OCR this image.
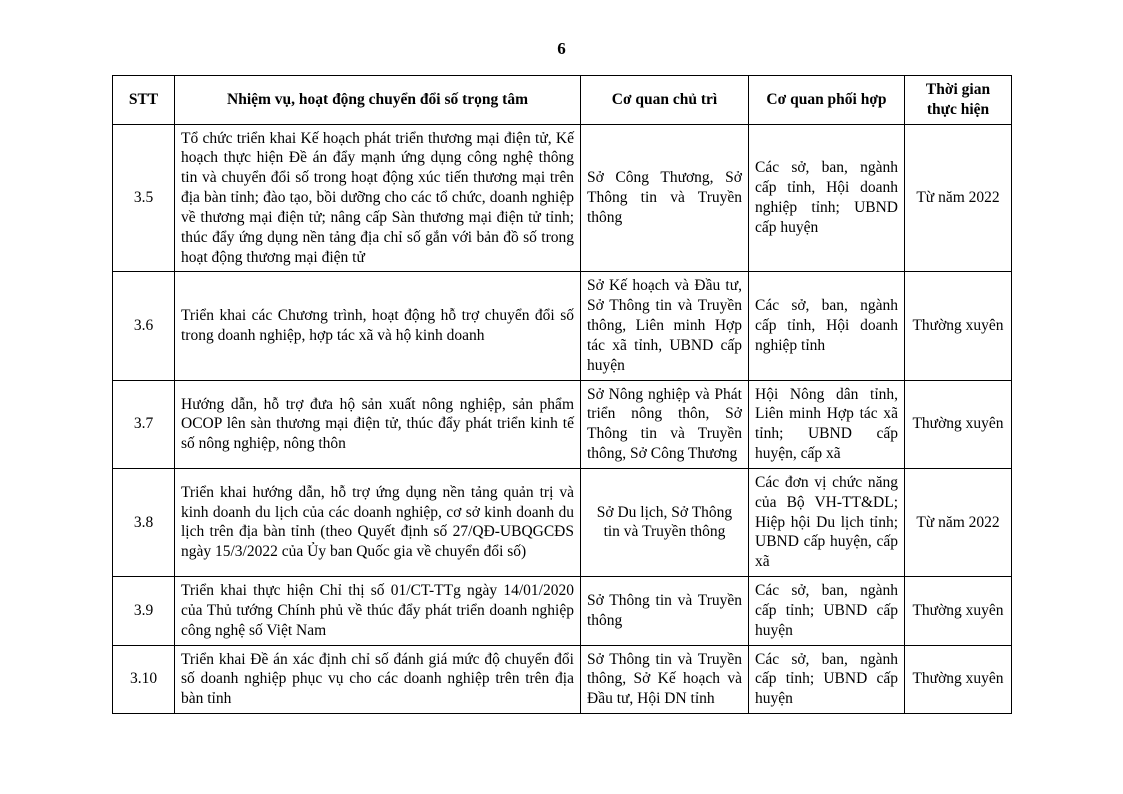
6
STT	Nhiệm vụ, hoạt động chuyển đổi số trọng tâm	Cơ quan chủ trì	Cơ quan phối hợp	Thời gian thực hiện
3.5	Tổ chức triển khai Kế hoạch phát triển thương mại điện tử, Kế hoạch thực hiện Đề án đẩy mạnh ứng dụng công nghệ thông tin và chuyển đổi số trong hoạt động xúc tiến thương mại trên địa bàn tỉnh; đào tạo, bồi dưỡng cho các tổ chức, doanh nghiệp về thương mại điện tử; nâng cấp Sàn thương mại điện tử tỉnh; thúc đẩy ứng dụng nền tảng địa chỉ số gắn với bản đồ số trong hoạt động thương mại điện tử	Sở Công Thương, Sở Thông tin và Truyền thông	Các sở, ban, ngành cấp tỉnh, Hội doanh nghiệp tỉnh; UBND cấp huyện	Từ năm 2022
3.6	Triển khai các Chương trình, hoạt động hỗ trợ chuyển đổi số trong doanh nghiệp, hợp tác xã và hộ kinh doanh	Sở Kế hoạch và Đầu tư, Sở Thông tin và Truyền thông, Liên minh Hợp tác xã tỉnh, UBND cấp huyện	Các sở, ban, ngành cấp tỉnh, Hội doanh nghiệp tỉnh	Thường xuyên
3.7	Hướng dẫn, hỗ trợ đưa hộ sản xuất nông nghiệp, sản phẩm OCOP lên sàn thương mại điện tử, thúc đẩy phát triển kinh tế số nông nghiệp, nông thôn	Sở Nông nghiệp và Phát triển nông thôn, Sở Thông tin và Truyền thông, Sở Công Thương	Hội Nông dân tỉnh, Liên minh Hợp tác xã tỉnh; UBND cấp huyện, cấp xã	Thường xuyên
3.8	Triển khai hướng dẫn, hỗ trợ ứng dụng nền tảng quản trị và kinh doanh du lịch của các doanh nghiệp, cơ sở kinh doanh du lịch trên địa bàn tỉnh (theo Quyết định số 27/QĐ-UBQGCĐS ngày 15/3/2022 của Ủy ban Quốc gia về chuyển đổi số)	Sở Du lịch, Sở Thông tin và Truyền thông	Các đơn vị chức năng của Bộ VH-TT&DL; Hiệp hội Du lịch tỉnh; UBND cấp huyện, cấp xã	Từ năm 2022
3.9	Triển khai thực hiện Chỉ thị số 01/CT-TTg ngày 14/01/2020 của Thủ tướng Chính phủ về thúc đẩy phát triển doanh nghiệp công nghệ số Việt Nam	Sở Thông tin và Truyền thông	Các sở, ban, ngành cấp tỉnh; UBND cấp huyện	Thường xuyên
3.10	Triển khai Đề án xác định chỉ số đánh giá mức độ chuyển đổi số doanh nghiệp phục vụ cho các doanh nghiệp trên trên địa bàn tỉnh	Sở Thông tin và Truyền thông, Sở Kế hoạch và Đầu tư, Hội DN tỉnh	Các sở, ban, ngành cấp tỉnh; UBND cấp huyện	Thường xuyên
